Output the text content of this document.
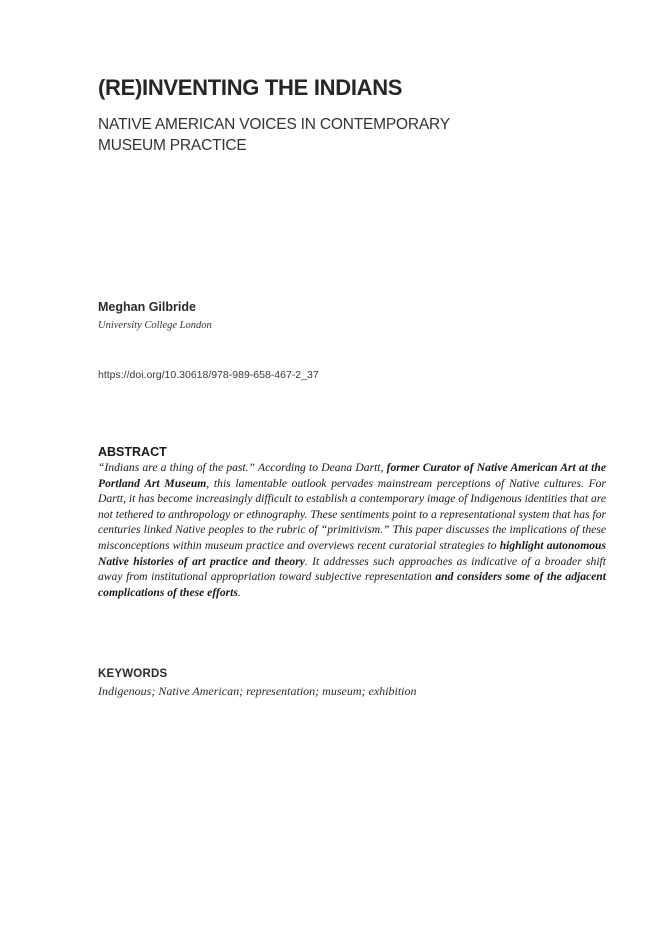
(RE)INVENTING THE INDIANS
NATIVE AMERICAN VOICES IN CONTEMPORARY MUSEUM PRACTICE
Meghan Gilbride
University College London
https://doi.org/10.30618/978-989-658-467-2_37
ABSTRACT

“Indians are a thing of the past.” According to Deana Dartt, former Curator of Native American Art at the Portland Art Museum, this lamentable outlook pervades mainstream perceptions of Native cultures. For Dartt, it has become increasingly difficult to establish a contemporary image of Indigenous identities that are not tethered to anthropology or ethnography. These sentiments point to a representational system that has for centuries linked Native peoples to the rubric of “primitivism.” This paper discusses the implications of these misconceptions within museum practice and overviews recent curatorial strategies to highlight autonomous Native histories of art practice and theory. It addresses such approaches as indicative of a broader shift away from institutional appropriation toward subjective representation and considers some of the adjacent complications of these efforts.

KEYWORDS
Indigenous; Native American; representation; museum; exhibition
